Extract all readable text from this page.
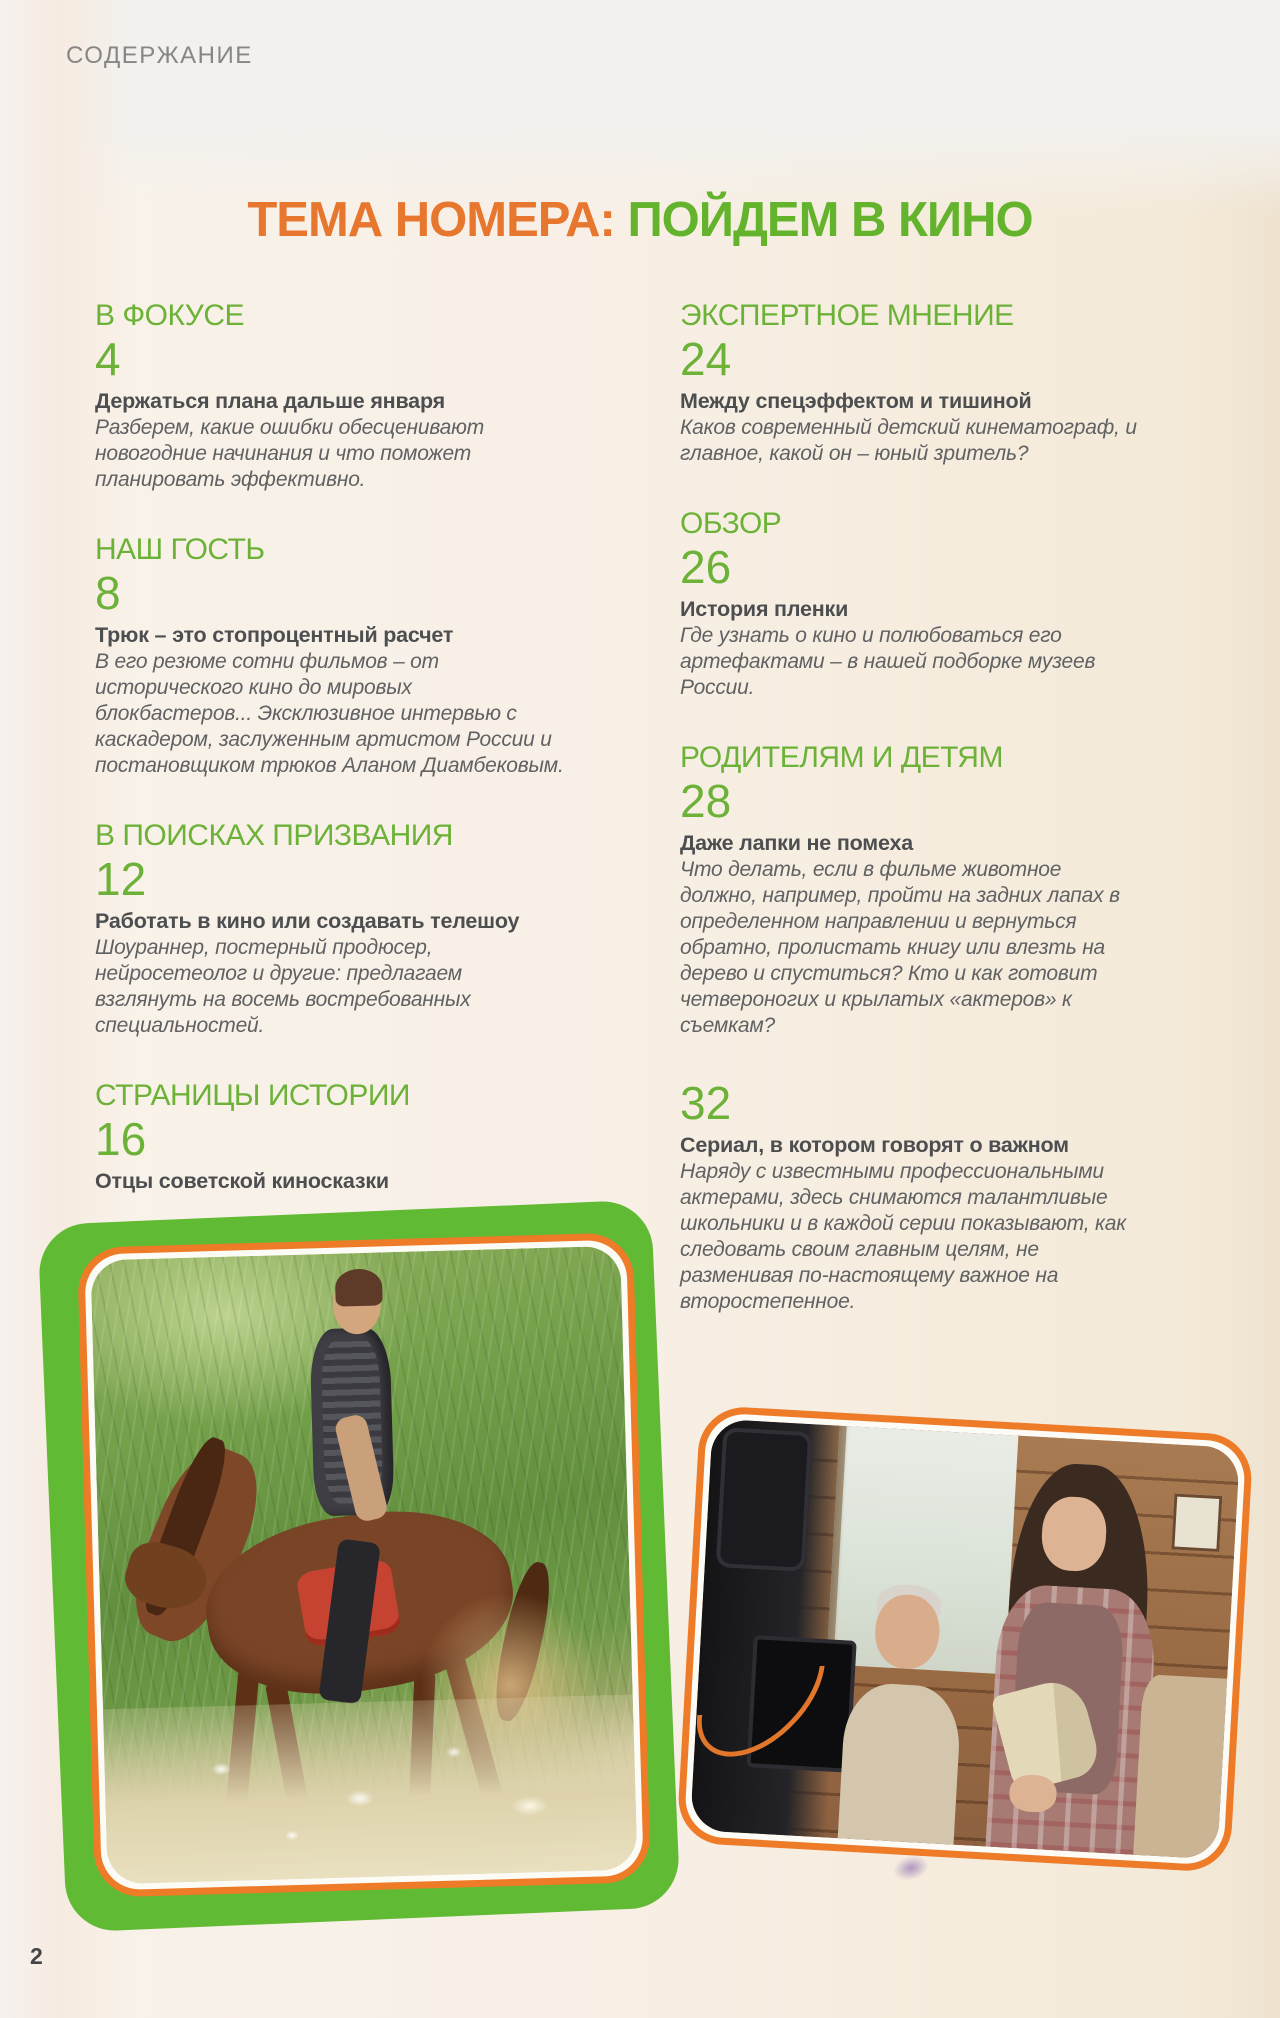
СОДЕРЖАНИЕ
ТЕМА НОМЕРА: ПОЙДЕМ В КИНО
В ФОКУСЕ
4
Держаться плана дальше января
Разберем, какие ошибки обесценивают новогодние начинания и что поможет планировать эффективно.
НАШ ГОСТЬ
8
Трюк – это стопроцентный расчет
В его резюме сотни фильмов – от исторического кино до мировых блокбастеров... Эксклюзивное интервью с каскадером, заслуженным артистом России и постановщиком трюков Аланом Диамбековым.
В ПОИСКАХ ПРИЗВАНИЯ
12
Работать в кино или создавать телешоу
Шоураннер, постерный продюсер, нейросетеолог и другие: предлагаем взглянуть на восемь востребованных специальностей.
СТРАНИЦЫ ИСТОРИИ
16
Отцы советской киносказки
ЭКСПЕРТНОЕ МНЕНИЕ
24
Между спецэффектом и тишиной
Каков современный детский кинематограф, и главное, какой он – юный зритель?
ОБЗОР
26
История пленки
Где узнать о кино и полюбоваться его артефактами – в нашей подборке музеев России.
РОДИТЕЛЯМ И ДЕТЯМ
28
Даже лапки не помеха
Что делать, если в фильме животное должно, например, пройти на задних лапах в определенном направлении и вернуться обратно, пролистать книгу или влезть на дерево и спуститься? Кто и как готовит четвероногих и крылатых «актеров» к съемкам?
32
Сериал, в котором говорят о важном
Наряду с известными профессиональными актерами, здесь снимаются талантливые школьники и в каждой серии показывают, как следовать своим главным целям, не разменивая по-настоящему важное на второстепенное.
2
